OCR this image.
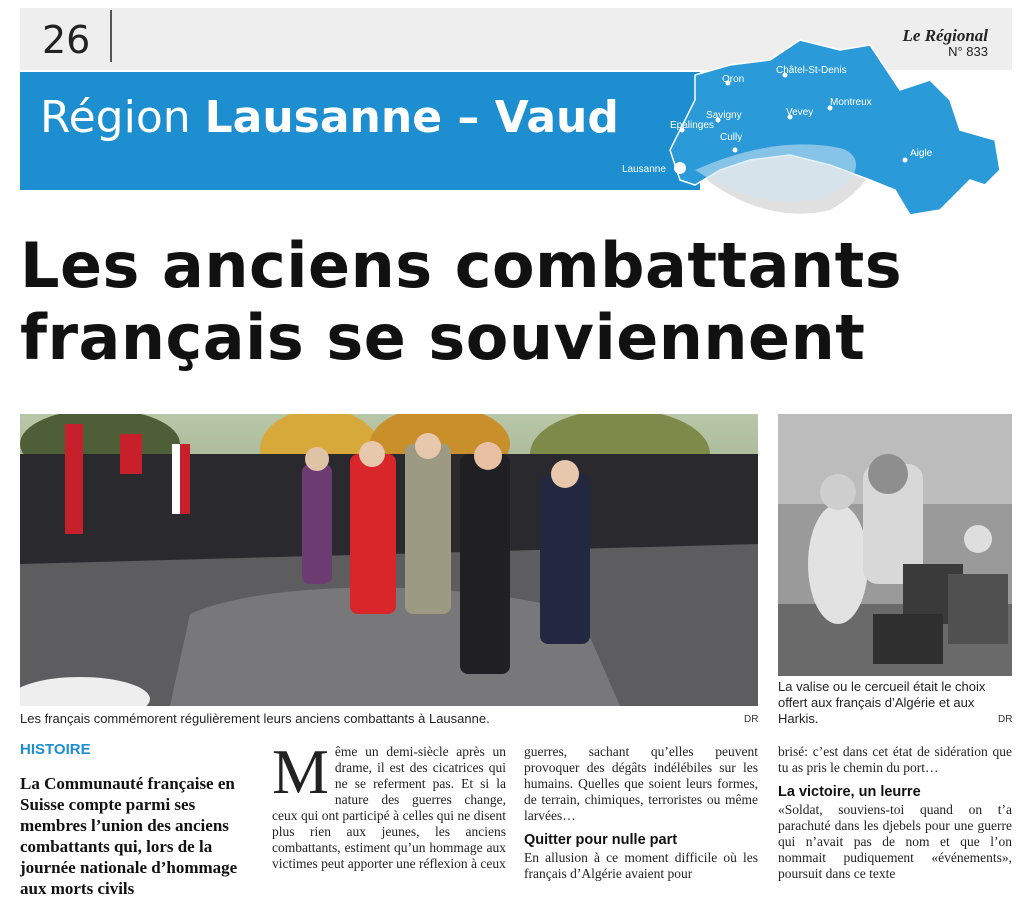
26	Le Régional
N° 833
Oron
Châtel-St-Denis
Epalinges
Savigny	Vevey
Montreux
Cully
Lausanne
Aigle
Région Lausanne – Vaud
Les anciens combattants
français se souviennent
Les français commémorent régulièrement leurs anciens combattants à Lausanne.	DR
La valise ou le cercueil était le choix offert aux français d’Algérie et aux Harkis.	DR
HISTOIRE
La Communauté française en Suisse compte parmi ses membres l’union des anciens combattants qui, lors de la journée nationale d’hommage aux morts civils
Même un demi-siècle après un drame, il est des cicatrices qui ne se referment pas. Et si la nature des guerres change, ceux qui ont participé à celles qui ne disent plus rien aux jeunes, les anciens combattants, estiment qu’un hommage aux victimes peut apporter une réflexion à ceux

guerres, sachant qu’elles peuvent provoquer des dégâts indélébiles sur les humains. Quelles que soient leurs formes, de terrain, chimiques, terroristes ou même larvées…

Quitter pour nulle part

En allusion à ce moment difficile où les français d’Algérie avaient pour

brisé: c’est dans cet état de sidération que tu as pris le chemin du port…

La victoire, un leurre

«Soldat, souviens-toi quand on t’a parachuté dans les djebels pour une guerre qui n’avait pas de nom et que l’on nommait pudiquement «événements», poursuit dans ce texte
